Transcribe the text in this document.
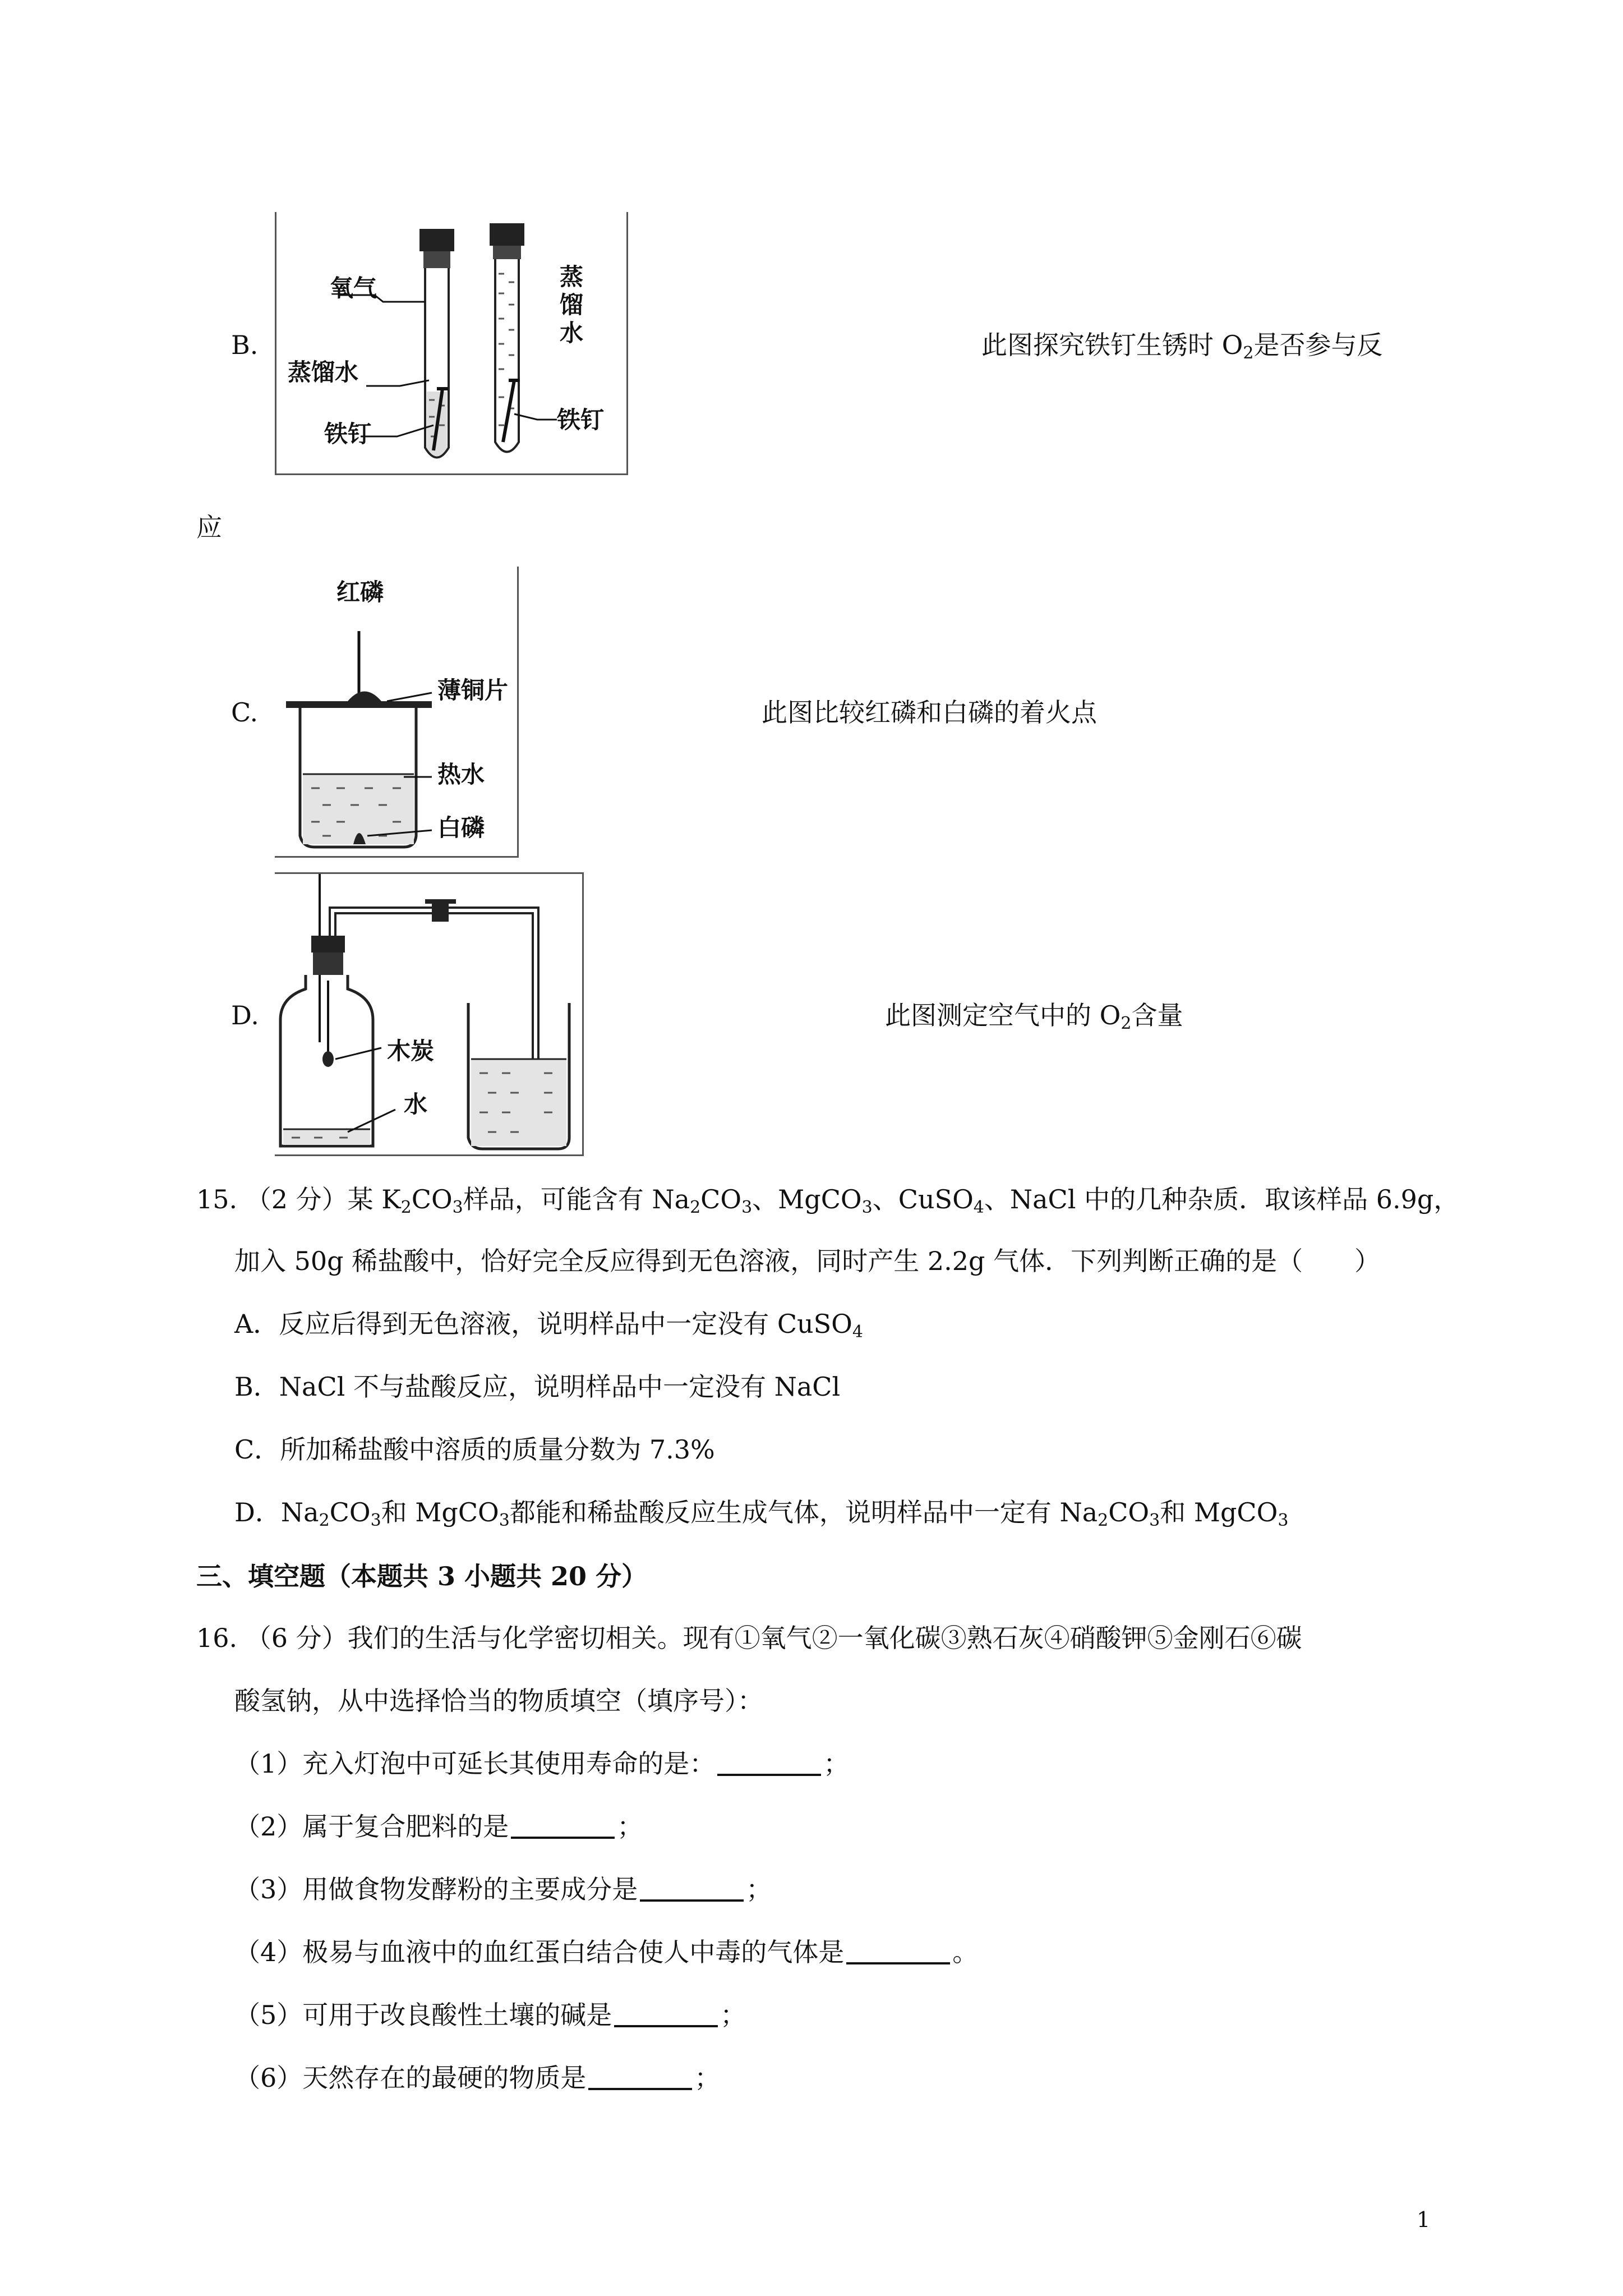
B.
氧气
蒸馏水
铁钉
蒸
馏
水
铁钉
此图探究铁钉生锈时 $O_2$是否参与反
应
C.
红磷
薄铜片
热水
白磷
此图比较红磷和白磷的着火点
D.
木炭
水
此图测定空气中的 $O_2$含量
15. （2 分）某 $K_2CO_3$样品，可能含有 $Na_2CO_3$、MgCO$_3$、CuSO$_4$、NaCl 中的几种杂质．取该样品 6.9g，
加入 50g 稀盐酸中，恰好完全反应得到无色溶液，同时产生 2.2g 气体．下列判断正确的是（　　）
A．反应后得到无色溶液，说明样品中一定没有 CuSO$_4$
B．NaCl 不与盐酸反应，说明样品中一定没有 NaCl
C．所加稀盐酸中溶质的质量分数为 7.3%
D．$Na_2CO_3$和 MgCO$_3$都能和稀盐酸反应生成气体，说明样品中一定有 $Na_2CO_3$和 MgCO$_3$
三、填空题（本题共 3 小题共 20 分）
16. （6 分）我们的生活与化学密切相关。现有①氧气②一氧化碳③熟石灰④硝酸钾⑤金刚石⑥碳
酸氢钠，从中选择恰当的物质填空（填序号）：
（1）充入灯泡中可延长其使用寿命的是：	；
（2）属于复合肥料的是	；
（3）用做食物发酵粉的主要成分是	；
（4）极易与血液中的血红蛋白结合使人中毒的气体是	。
（5）可用于改良酸性土壤的碱是	；
（6）天然存在的最硬的物质是	；
1
